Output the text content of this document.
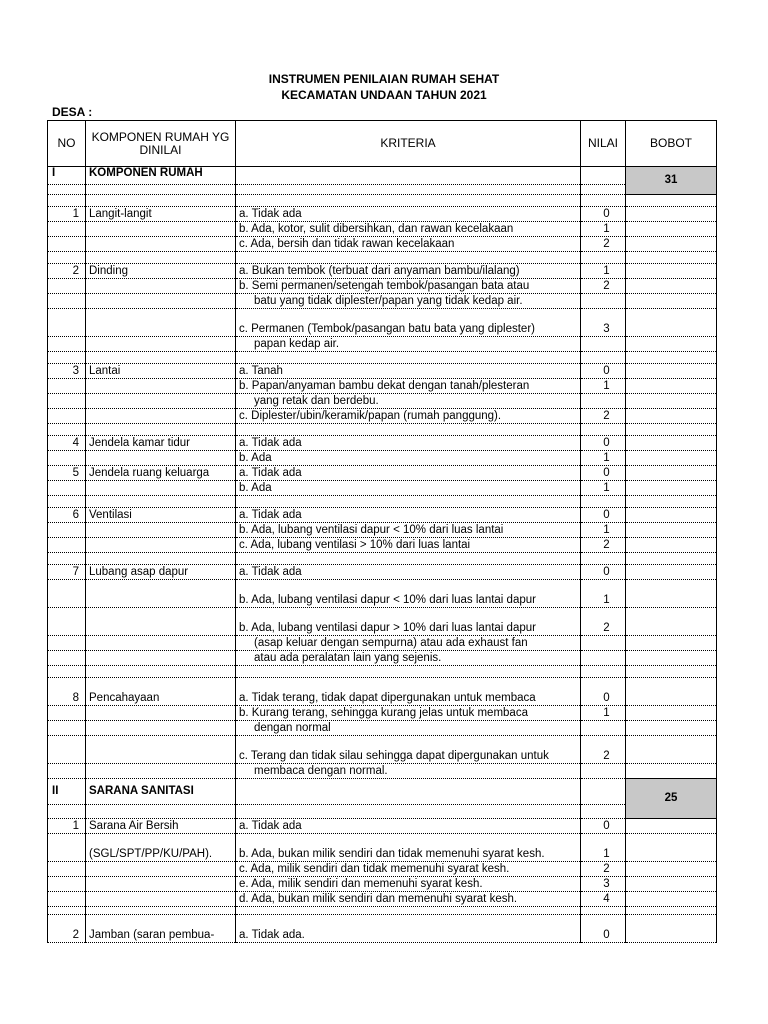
INSTRUMEN PENILAIAN RUMAH SEHAT
KECAMATAN UNDAAN TAHUN 2021
DESA :
NO	KOMPONEN RUMAH YG DINILAI	KRITERIA	NILAI	BOBOT
I	KOMPONEN RUMAH			31

1	Langit-langit	a. Tidak ada	0	
		b. Ada, kotor, sulit dibersihkan, dan rawan kecelakaan	1	
		c. Ada, bersih dan tidak rawan kecelakaan	2	

2	Dinding	a. Bukan tembok (terbuat dari anyaman bambu/ilalang)	1	
		b. Semi permanen/setengah tembok/pasangan bata atau	2	
		batu yang tidak diplester/papan yang tidak kedap air.		
		c. Permanen (Tembok/pasangan batu bata yang diplester)	3	
		papan kedap air.		

3	Lantai	a. Tanah	0	
		b. Papan/anyaman bambu dekat dengan tanah/plesteran	1	
		yang retak dan berdebu.		
		c. Diplester/ubin/keramik/papan (rumah panggung).	2	

4	Jendela kamar tidur	a. Tidak ada	0	
		b. Ada	1	
5	Jendela ruang keluarga	a. Tidak ada	0	
		b. Ada	1	

6	Ventilasi	a. Tidak ada	0	
		b. Ada, lubang ventilasi dapur < 10% dari luas lantai	1	
		c. Ada, lubang ventilasi > 10% dari luas lantai	2	

7	Lubang asap dapur	a. Tidak ada	0	
		b. Ada, lubang ventilasi dapur < 10% dari luas lantai dapur	1	
		b. Ada, lubang ventilasi dapur > 10% dari luas lantai dapur	2	
		(asap keluar dengan sempurna) atau ada exhaust fan		
		atau ada peralatan lain yang sejenis.		

8	Pencahayaan	a. Tidak terang, tidak dapat dipergunakan untuk membaca	0	
		b. Kurang terang, sehingga kurang jelas untuk membaca	1	
		dengan normal		
		c. Terang dan tidak silau sehingga dapat dipergunakan untuk	2	
		membaca dengan normal.		
II	SARANA SANITASI			25

1	Sarana Air Bersih	a. Tidak ada	0	
	(SGL/SPT/PP/KU/PAH).	b. Ada, bukan milik sendiri dan tidak memenuhi syarat kesh.	1	
		c. Ada, milik sendiri dan tidak memenuhi syarat kesh.	2	
		e. Ada, milik sendiri dan memenuhi syarat kesh.	3	
		d. Ada, bukan milik sendiri dan memenuhi syarat kesh.	4	

2	Jamban (saran pembua-	a. Tidak ada.	0	
